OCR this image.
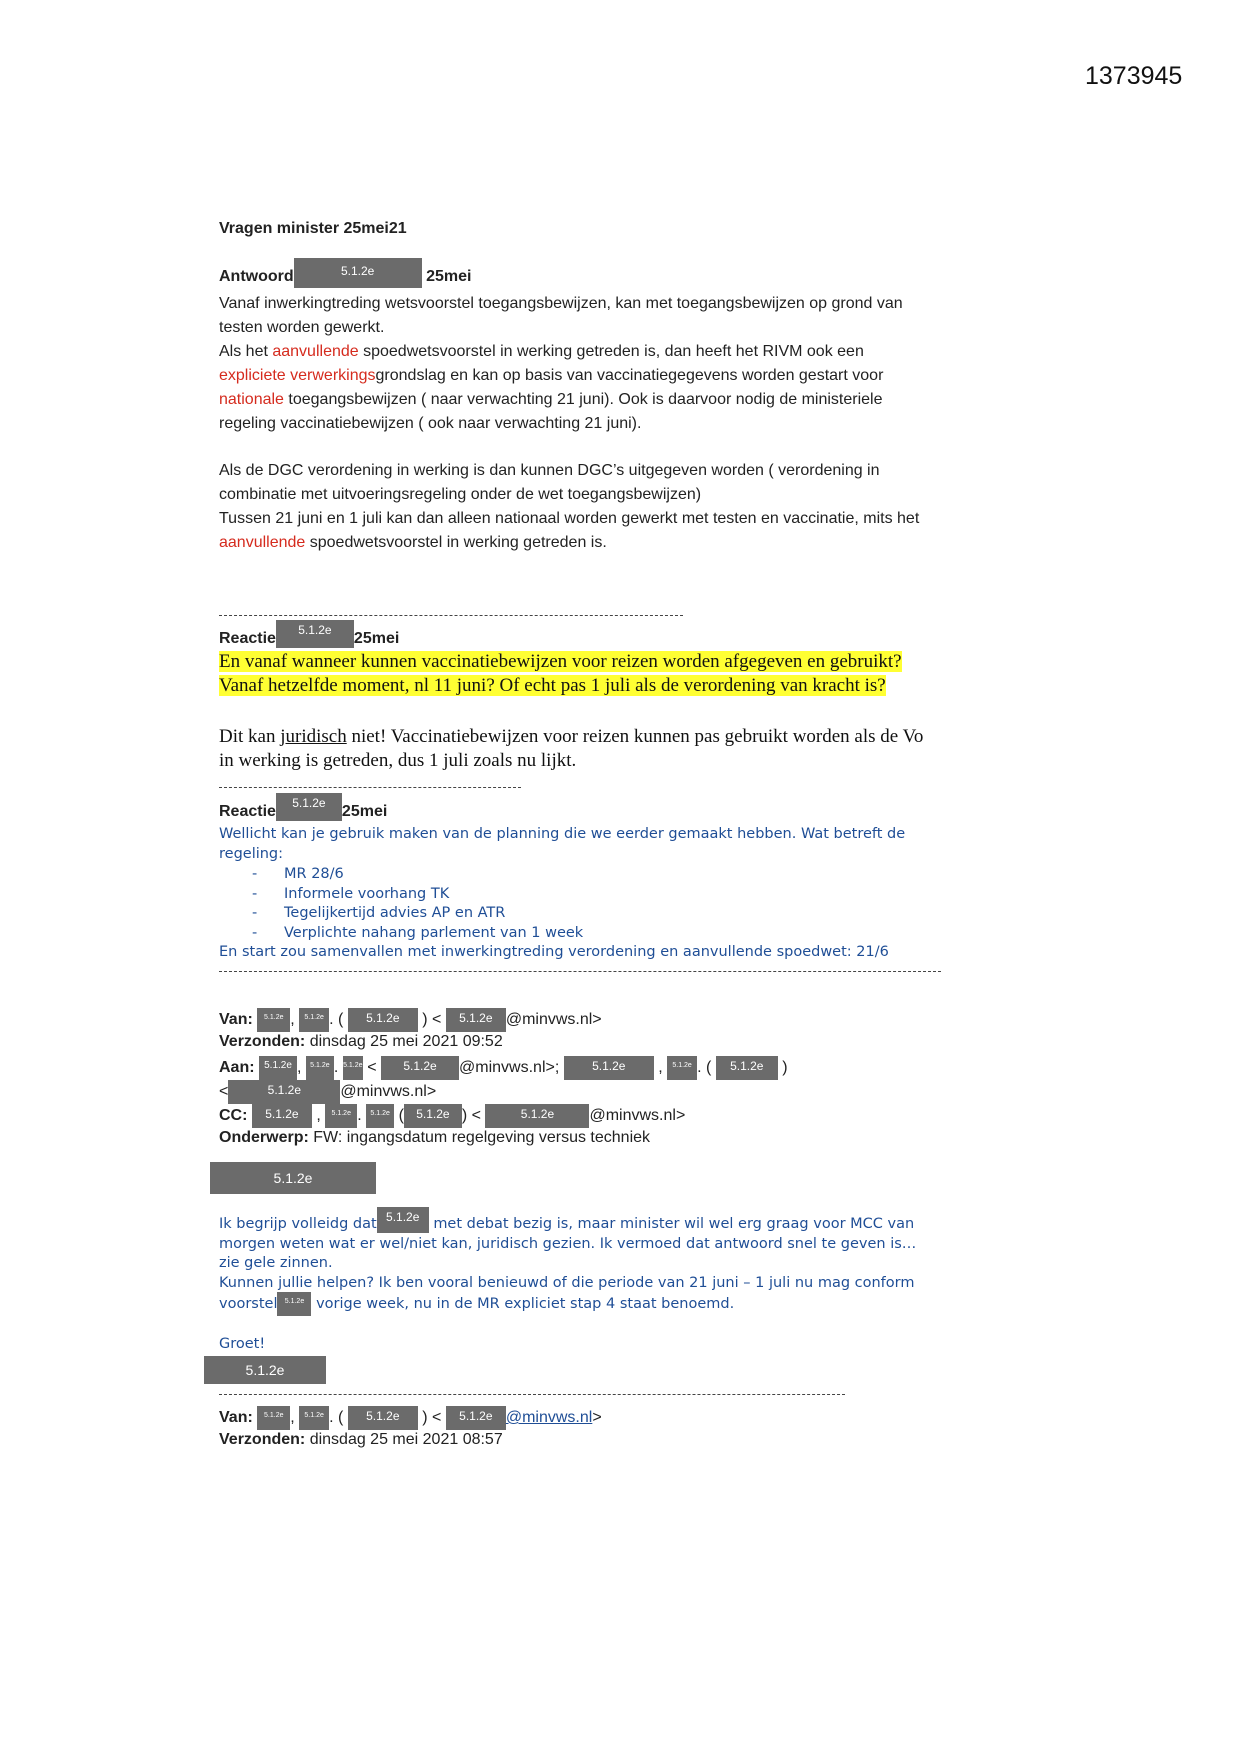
1373945
Vragen minister 25mei21
Antwoord	5.1.2e	25mei
Vanaf inwerkingtreding wetsvoorstel toegangsbewijzen, kan met toegangsbewijzen op grond van
testen worden gewerkt.
Als het aanvullende spoedwetsvoorstel in werking getreden is, dan heeft het RIVM ook een
expliciete verwerkingsgrondslag en kan op basis van vaccinatiegegevens worden gestart voor
nationale toegangsbewijzen ( naar verwachting 21 juni). Ook is daarvoor nodig de ministeriele
regeling vaccinatiebewijzen ( ook naar verwachting 21 juni).
Als de DGC verordening in werking is dan kunnen DGC’s uitgegeven worden ( verordening in
combinatie met uitvoeringsregeling onder de wet toegangsbewijzen)
Tussen 21 juni en 1 juli kan dan alleen nationaal worden gewerkt met testen en vaccinatie, mits het
aanvullende spoedwetsvoorstel in werking getreden is.
Reactie5.1.2e25mei
En vanaf wanneer kunnen vaccinatiebewijzen voor reizen worden afgegeven en gebruikt?
Vanaf hetzelfde moment, nl 11 juni? Of echt pas 1 juli als de verordening van kracht is?
Dit kan juridisch niet! Vaccinatiebewijzen voor reizen kunnen pas gebruikt worden als de Vo
in werking is getreden, dus 1 juli zoals nu lijkt.
Reactie5.1.2e25mei
Wellicht kan je gebruik maken van de planning die we eerder gemaakt hebben. Wat betreft de
regeling:
- MR 28/6
- Informele voorhang TK
- Tegelijkertijd advies AP en ATR
- Verplichte nahang parlement van 1 week
En start zou samenvallen met inwerkingtreding verordening en aanvullende spoedwet: 21/6
Van: 5.1.2e , 5.1.2e . ( 5.1.2e ) < 5.1.2e @minvws.nl>
Verzonden: dinsdag 25 mei 2021 09:52
Aan: 5.1.2e , 5.1.2e . 5.1.2e < 5.1.2e @minvws.nl>;	5.1.2e , 5.1.2e . ( 5.1.2e )
<	5.1.2e @minvws.nl>
CC: 5.1.2e , 5.1.2e . 5.1.2e ( 5.1.2e ) <	5.1.2e @minvws.nl>
Onderwerp: FW: ingangsdatum regelgeving versus techniek
5.1.2e
Ik begrijp volleidg dat 5.1.2e met debat bezig is, maar minister wil wel erg graag voor MCC van
morgen weten wat er wel/niet kan, juridisch gezien. Ik vermoed dat antwoord snel te geven is…
zie gele zinnen.
Kunnen jullie helpen? Ik ben vooral benieuwd of die periode van 21 juni – 1 juli nu mag conform
voorstel 5.1.2e vorige week, nu in de MR expliciet stap 4 staat benoemd.
Groet!
5.1.2e
Van: 5.1.2e , 5.1.2e . ( 5.1.2e ) < 5.1.2e @minvws.nl>
Verzonden: dinsdag 25 mei 2021 08:57
